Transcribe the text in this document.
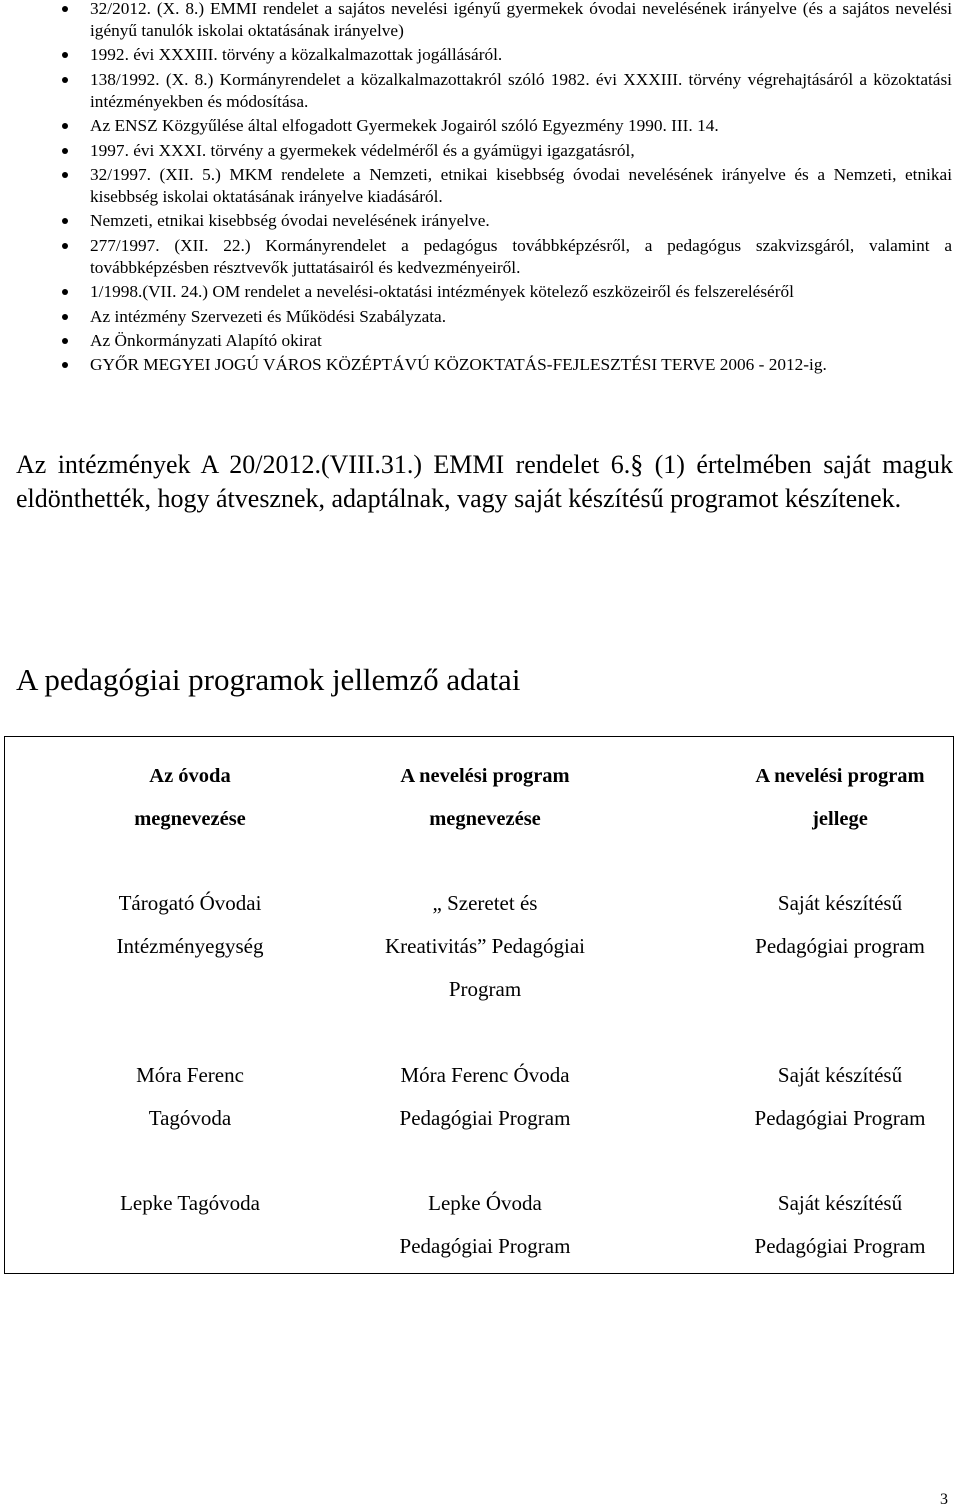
32/2012. (X. 8.) EMMI rendelet a sajátos nevelési igényű gyermekek óvodai nevelésének irányelve (és a sajátos nevelési igényű tanulók iskolai oktatásának irányelve)
1992. évi XXXIII. törvény a közalkalmazottak jogállásáról.
138/1992. (X. 8.) Kormányrendelet a közalkalmazottakról szóló 1982. évi XXXIII. törvény végrehajtásáról a közoktatási intézményekben és módosítása.
Az ENSZ Közgyűlése által elfogadott Gyermekek Jogairól szóló Egyezmény 1990. III. 14.
1997. évi XXXI. törvény a gyermekek védelméről és a gyámügyi igazgatásról,
32/1997. (XII. 5.) MKM rendelete a Nemzeti, etnikai kisebbség óvodai nevelésének irányelve és a Nemzeti, etnikai kisebbség iskolai oktatásának irányelve kiadásáról.
Nemzeti, etnikai kisebbség óvodai nevelésének irányelve.
277/1997. (XII. 22.) Kormányrendelet a pedagógus továbbképzésről, a pedagógus szakvizsgáról, valamint a továbbképzésben résztvevők juttatásairól és kedvezményeiről.
1/1998.(VII. 24.) OM rendelet a nevelési-oktatási intézmények kötelező eszközeiről és felszereléséről
Az intézmény Szervezeti és Működési Szabályzata.
Az Önkormányzati Alapító okirat
GYŐR MEGYEI JOGÚ VÁROS KÖZÉPTÁVÚ KÖZOKTATÁS-FEJLESZTÉSI TERVE 2006 - 2012-ig.
Az intézmények A 20/2012.(VIII.31.) EMMI rendelet 6.§ (1) értelmében saját maguk eldönthették, hogy átvesznek, adaptálnak, vagy saját készítésű programot készítenek.
A pedagógiai programok jellemző adatai
Az óvoda
megnevezése
A nevelési program
megnevezése
A nevelési program
jellege
Tárogató Óvodai
Intézményegység
„ Szeretet és
Kreativitás” Pedagógiai
Program
Saját készítésű
Pedagógiai program
Móra Ferenc
Tagóvoda
Móra Ferenc Óvoda
Pedagógiai Program
Saját készítésű
Pedagógiai Program
Lepke Tagóvoda	Lepke Óvoda
Pedagógiai Program
Saját készítésű
Pedagógiai Program
3
